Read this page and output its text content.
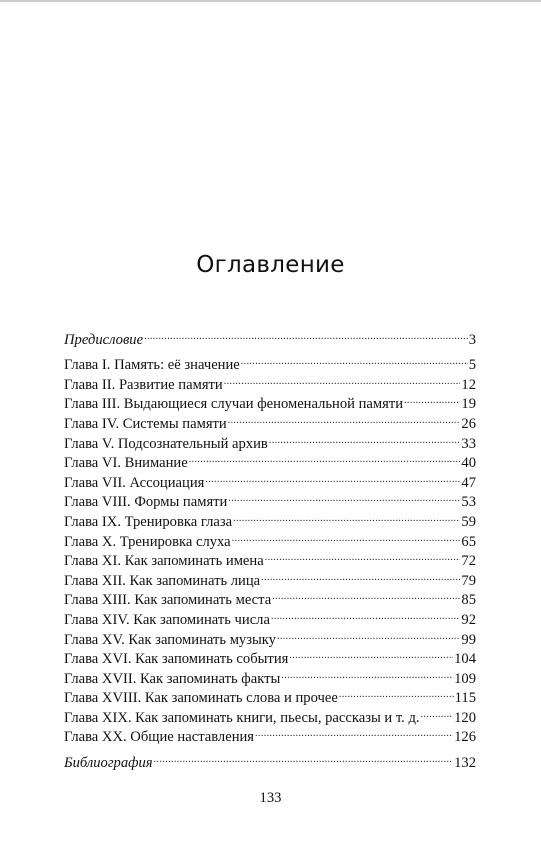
Оглавление
Предисловие .....	3
Глава I. Память: её значение .....	5
Глава II. Развитие памяти .....	12
Глава III. Выдающиеся случаи феноменальной памяти .....	19
Глава IV. Системы памяти .....	26
Глава V. Подсознательный архив .....	33
Глава VI. Внимание .....	40
Глава VII. Ассоциация .....	47
Глава VIII. Формы памяти .....	53
Глава IX. Тренировка глаза .....	59
Глава X. Тренировка слуха .....	65
Глава XI. Как запоминать имена .....	72
Глава XII. Как запоминать лица .....	79
Глава XIII. Как запоминать места .....	85
Глава XIV. Как запоминать числа .....	92
Глава XV. Как запоминать музыку .....	99
Глава XVI. Как запоминать события .....	104
Глава XVII. Как запоминать факты .....	109
Глава XVIII. Как запоминать слова и прочее .....	115
Глава XIX. Как запоминать книги, пьесы, рассказы и т. д. ..... 120
Глава XX. Общие наставления .....	126
Библиография .....	132
133
